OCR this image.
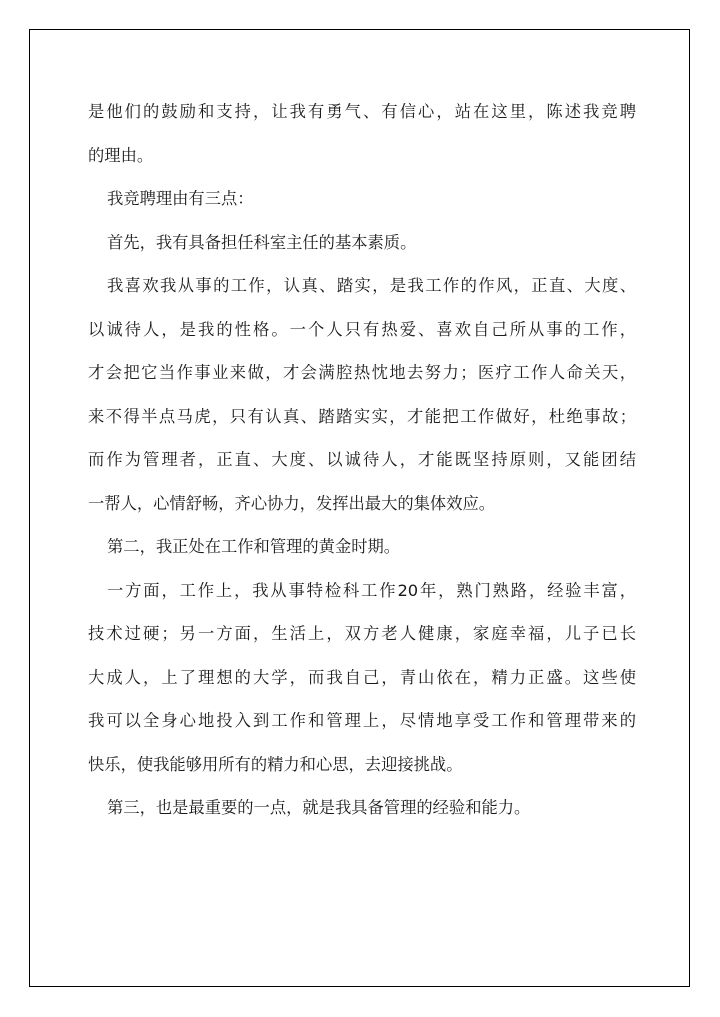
是他们的鼓励和支持，让我有勇气、有信心，站在这里，陈述我竞聘
的理由。
我竞聘理由有三点：
首先，我有具备担任科室主任的基本素质。
我喜欢我从事的工作，认真、踏实，是我工作的作风，正直、大度、
以诚待人，是我的性格。一个人只有热爱、喜欢自己所从事的工作，
才会把它当作事业来做，才会满腔热忱地去努力；医疗工作人命关天，
来不得半点马虎，只有认真、踏踏实实，才能把工作做好，杜绝事故；
而作为管理者，正直、大度、以诚待人，才能既坚持原则，又能团结
一帮人，心情舒畅，齐心协力，发挥出最大的集体效应。
第二，我正处在工作和管理的黄金时期。
一方面，工作上，我从事特检科工作20年，熟门熟路，经验丰富，
技术过硬；另一方面，生活上，双方老人健康，家庭幸福，儿子已长
大成人，上了理想的大学，而我自己，青山依在，精力正盛。这些使
我可以全身心地投入到工作和管理上，尽情地享受工作和管理带来的
快乐，使我能够用所有的精力和心思，去迎接挑战。
第三，也是最重要的一点，就是我具备管理的经验和能力。
